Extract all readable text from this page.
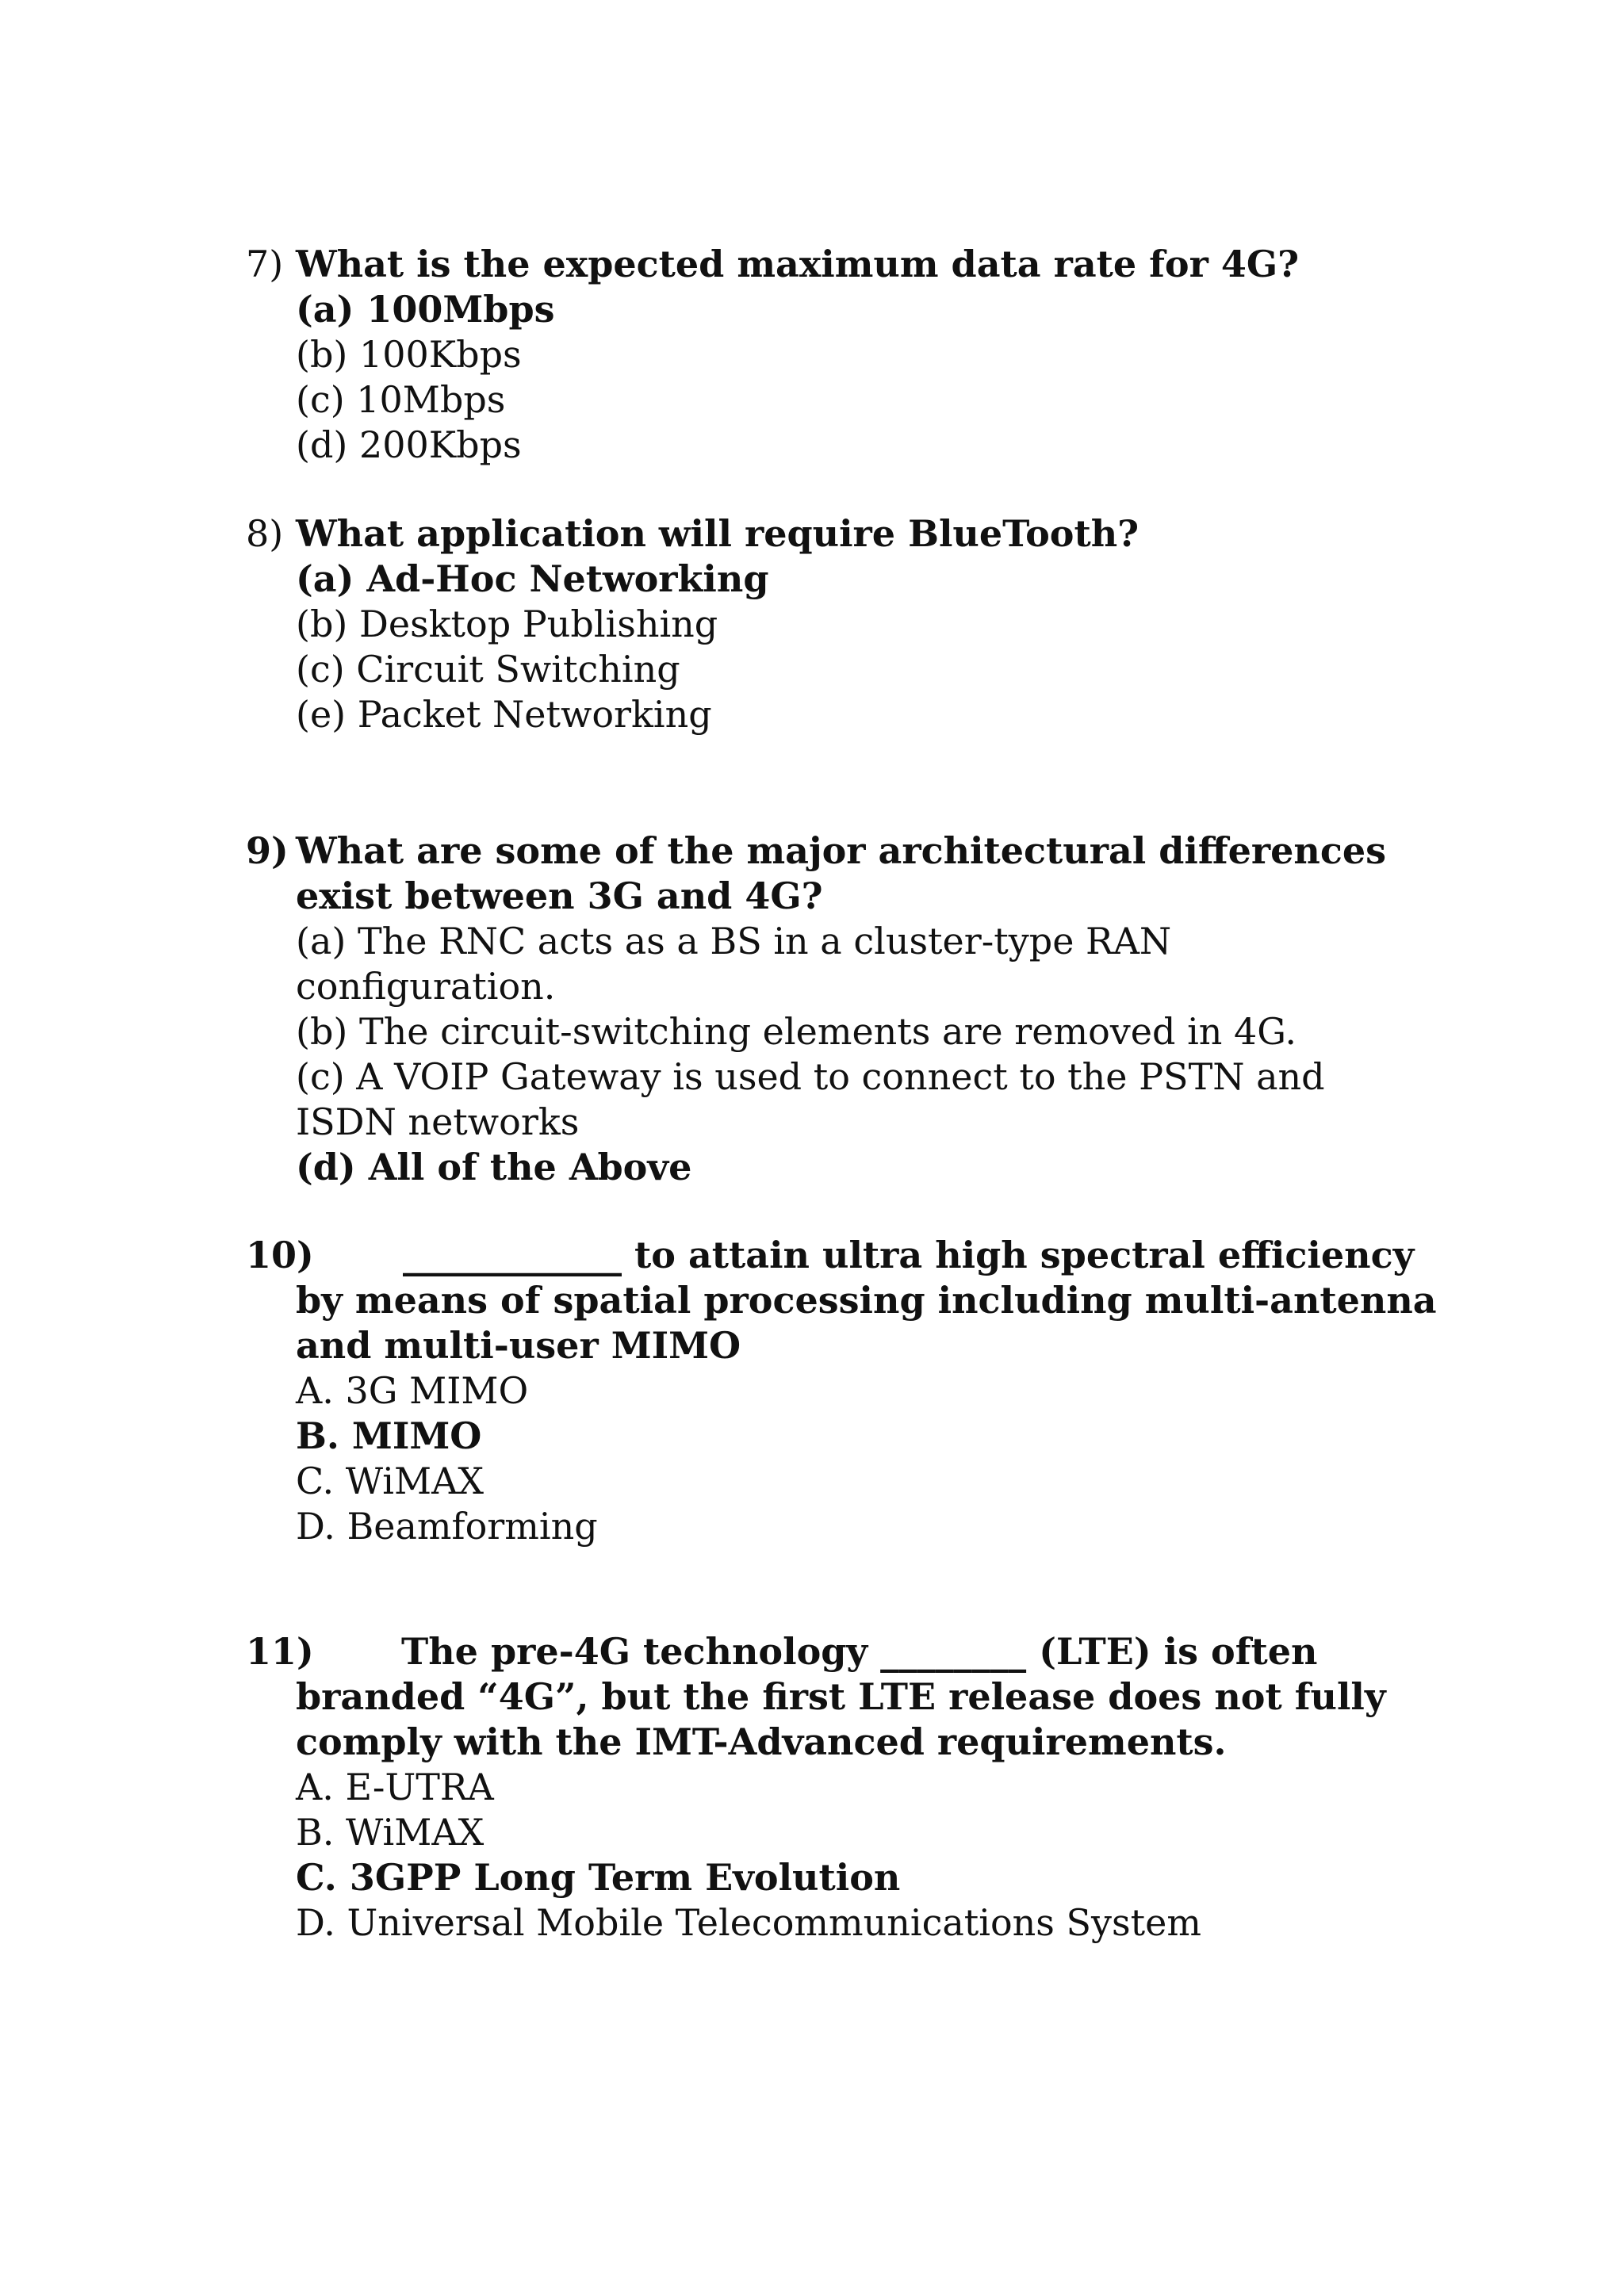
7) What is the expected maximum data rate for 4G?
(a) 100Mbps
(b) 100Kbps
(c) 10Mbps
(d) 200Kbps
8) What application will require BlueTooth?
(a) Ad-Hoc Networking
(b) Desktop Publishing
(c) Circuit Switching
(e) Packet Networking
9) What are some of the major architectural differences
exist between 3G and 4G?
(a) The RNC acts as a BS in a cluster-type RAN
configuration.
(b) The circuit-switching elements are removed in 4G.
(c) A VOIP Gateway is used to connect to the PSTN and
ISDN networks
(d) All of the Above
10) ____________ to attain ultra high spectral efficiency
by means of spatial processing including multi-antenna
and multi-user MIMO
A. 3G MIMO
B. MIMO
C. WiMAX
D. Beamforming
11) The pre-4G technology ________ (LTE) is often
branded “4G”, but the first LTE release does not fully
comply with the IMT-Advanced requirements.
A. E-UTRA
B. WiMAX
C. 3GPP Long Term Evolution
D. Universal Mobile Telecommunications System
